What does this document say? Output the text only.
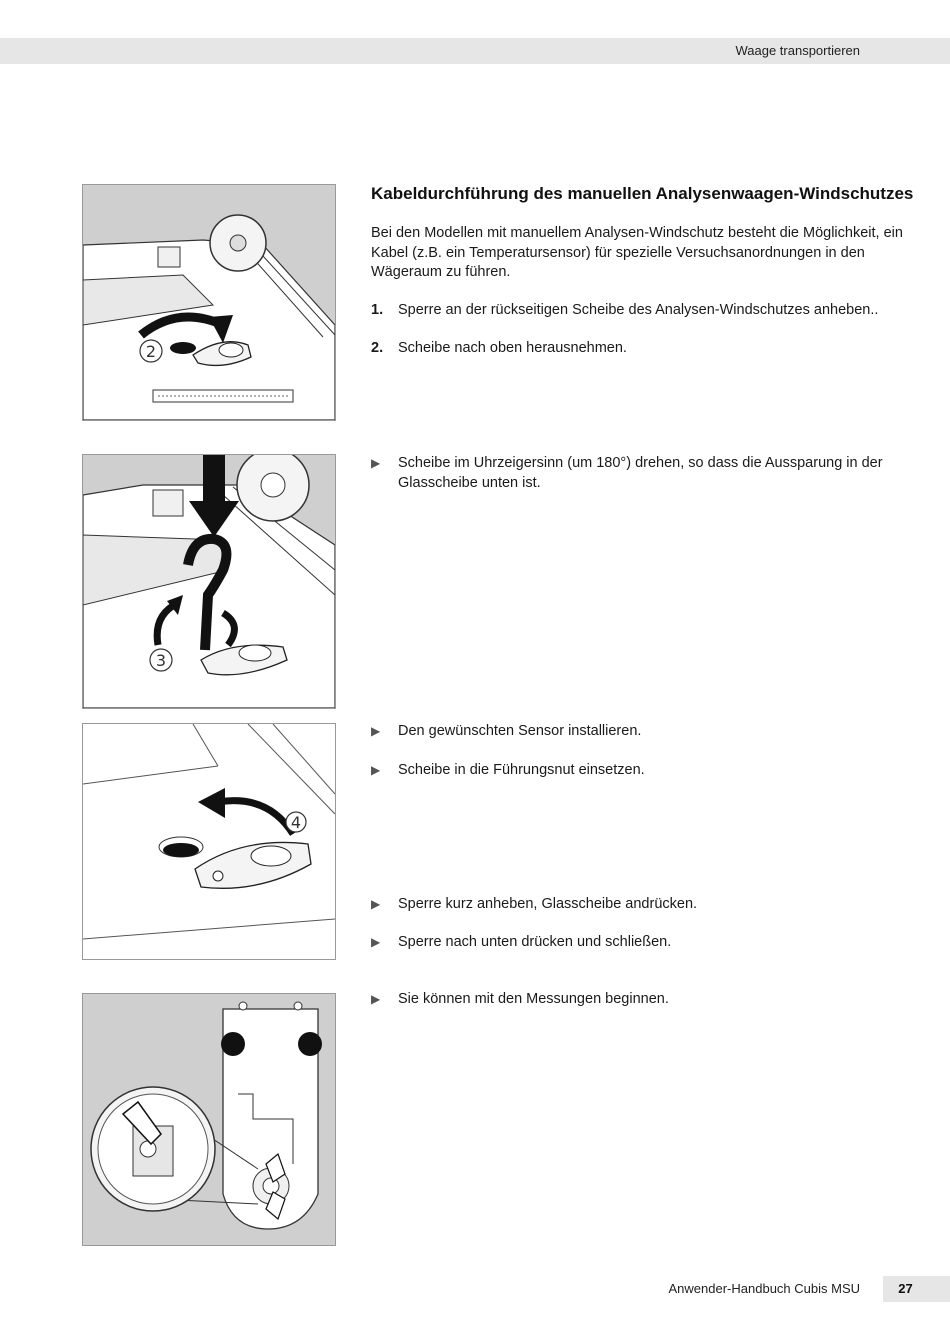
Waage transportieren
2
3
4
Kabeldurchführung des manuellen Analysenwaagen-Windschutzes
Bei den Modellen mit manuellem Analysen-Windschutz besteht die Möglichkeit, ein Kabel (z.B. ein Temperatursensor) für spezielle Versuchsanordnungen in den Wägeraum zu führen.
1. Sperre an der rückseitigen Scheibe des Analysen-Windschutzes anheben..
2. Scheibe nach oben herausnehmen.
▶ Scheibe im Uhrzeigersinn (um 180°) drehen, so dass die Aussparung in der Glasscheibe unten ist.
▶ Den gewünschten Sensor installieren.
▶ Scheibe in die Führungsnut einsetzen.
▶ Sperre kurz anheben, Glasscheibe andrücken.
▶ Sperre nach unten drücken und schließen.
▶ Sie können mit den Messungen beginnen.
Anwender-Handbuch Cubis MSU	27
